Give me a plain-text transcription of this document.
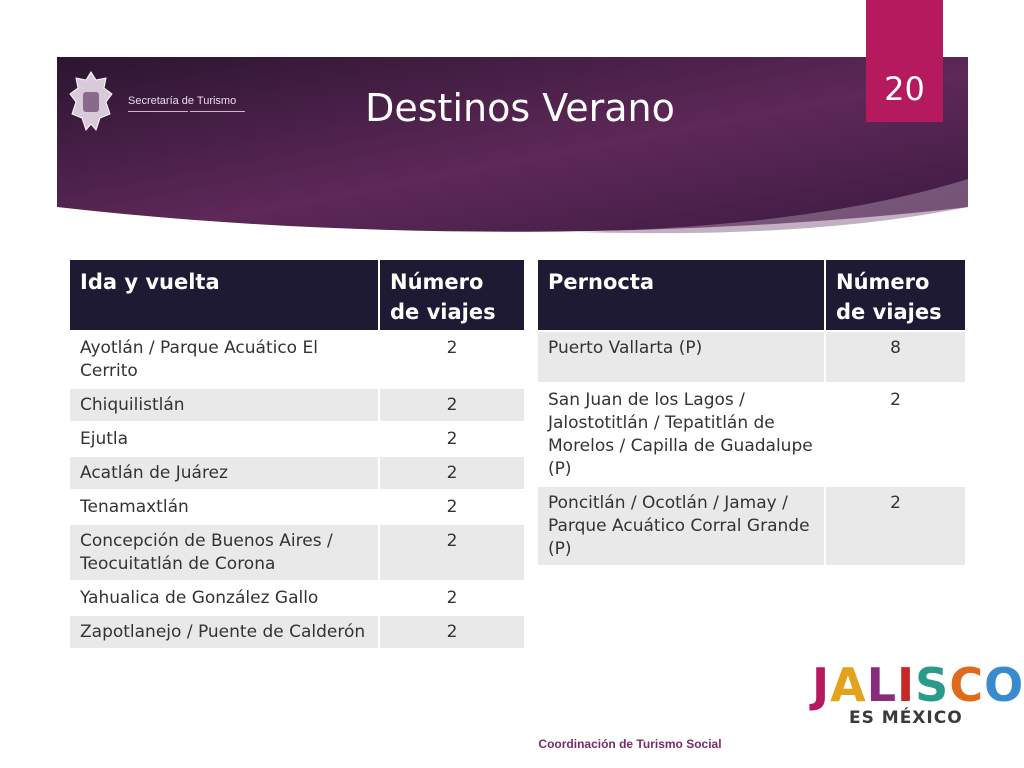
Secretaría de Turismo	Destinos Verano	20
Ida y vuelta	Número de viajes
Ayotlán / Parque Acuático El Cerrito	2
Chiquilistlán	2
Ejutla	2
Acatlán de Juárez	2
Tenamaxtlán	2
Concepción de Buenos Aires / Teocuitatlán de Corona	2
Yahualica de González Gallo	2
Zapotlanejo / Puente de Calderón	2
Pernocta	Número de viajes
Puerto Vallarta (P)	8
San Juan de los Lagos / Jalostotitlán / Tepatitlán de Morelos / Capilla de Guadalupe (P)	2
Poncitlán / Ocotlán / Jamay / Parque Acuático Corral Grande (P)	2
JALISCO
ES MÉXICO
Coordinación de Turismo Social
